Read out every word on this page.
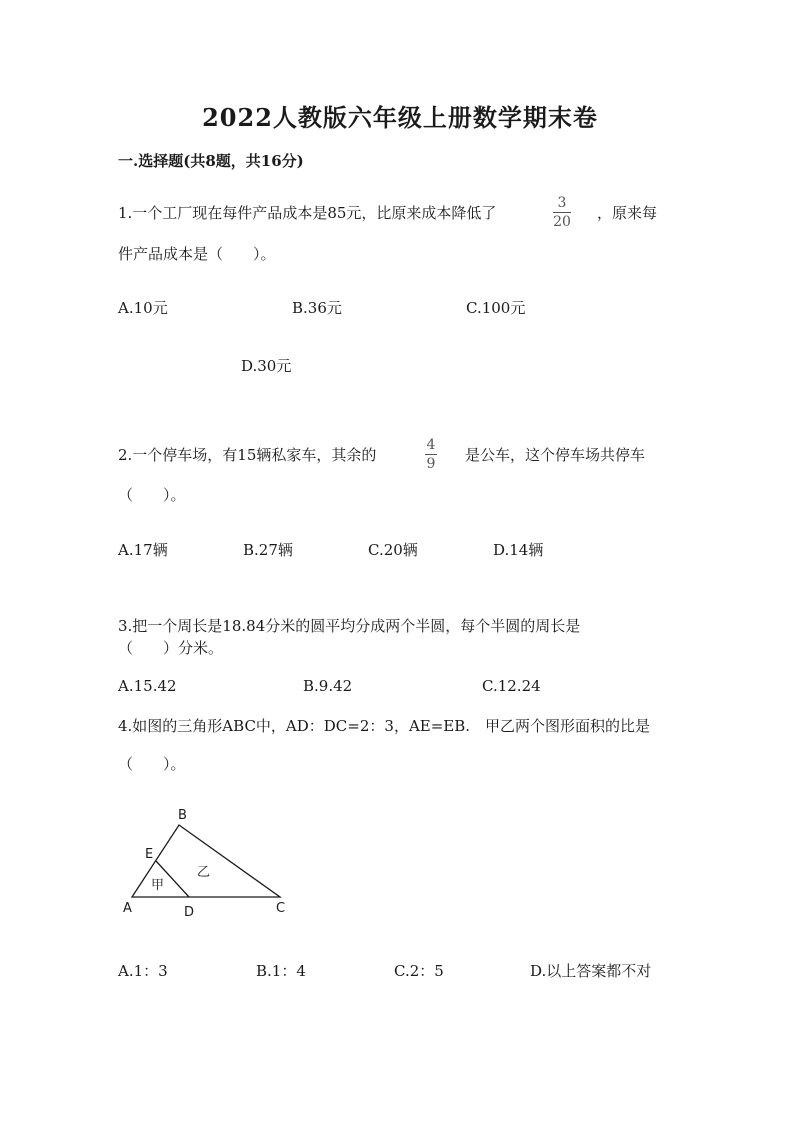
2022人教版六年级上册数学期末卷
一.选择题(共8题，共16分)
1.一个工厂现在每件产品成本是85元，比原来成本降低了
3
20 ，原来每
件产品成本是（　　）。
A.10元	B.36元	C.100元
D.30元
2.一个停车场，有15辆私家车，其余的
4
9 是公车，这个停车场共停车
（　　）。
A.17辆	B.27辆	C.20辆	D.14辆
3.把一个周长是18.84分米的圆平均分成两个半圆，每个半圆的周长是
（　　）分米。
A.15.42	B.9.42	C.12.24
4.如图的三角形ABC中，AD：DC=2：3，AE=EB.　甲乙两个图形面积的比是
（　　）。
B
E
A	D	C
甲
乙
A.1：3	B.1：4	C.2：5	D.以上答案都不对
